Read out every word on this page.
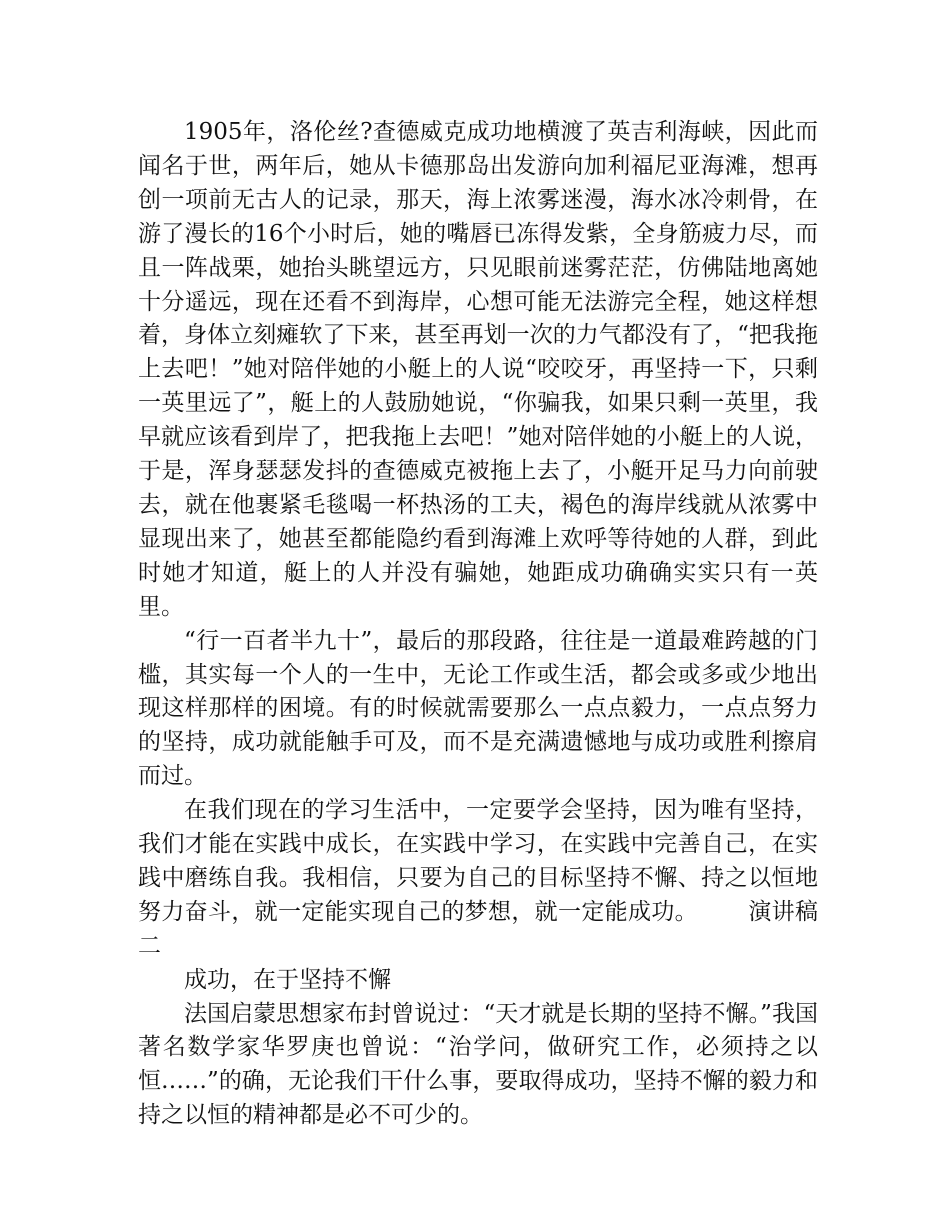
1905年，洛伦丝?查德威克成功地横渡了英吉利海峡，因此而闻名于世，两年后，她从卡德那岛出发游向加利福尼亚海滩，想再创一项前无古人的记录，那天，海上浓雾迷漫，海水冰冷刺骨，在游了漫长的16个小时后，她的嘴唇已冻得发紫，全身筋疲力尽，而且一阵战栗，她抬头眺望远方，只见眼前迷雾茫茫，仿佛陆地离她十分遥远，现在还看不到海岸，心想可能无法游完全程，她这样想着，身体立刻瘫软了下来，甚至再划一次的力气都没有了，“把我拖上去吧！”她对陪伴她的小艇上的人说“咬咬牙，再坚持一下，只剩一英里远了”，艇上的人鼓励她说，“你骗我，如果只剩一英里，我早就应该看到岸了，把我拖上去吧！”她对陪伴她的小艇上的人说，于是，浑身瑟瑟发抖的查德威克被拖上去了，小艇开足马力向前驶去，就在他裹紧毛毯喝一杯热汤的工夫，褐色的海岸线就从浓雾中显现出来了，她甚至都能隐约看到海滩上欢呼等待她的人群，到此时她才知道，艇上的人并没有骗她，她距成功确确实实只有一英里。

“行一百者半九十”，最后的那段路，往往是一道最难跨越的门槛，其实每一个人的一生中，无论工作或生活，都会或多或少地出现这样那样的困境。有的时候就需要那么一点点毅力，一点点努力的坚持，成功就能触手可及，而不是充满遗憾地与成功或胜利擦肩而过。

在我们现在的学习生活中，一定要学会坚持，因为唯有坚持，我们才能在实践中成长，在实践中学习，在实践中完善自己，在实践中磨练自我。我相信，只要为自己的目标坚持不懈、持之以恒地努力奋斗，就一定能实现自己的梦想，就一定能成功。 演讲稿二

成功，在于坚持不懈

法国启蒙思想家布封曾说过：“天才就是长期的坚持不懈。”我国著名数学家华罗庚也曾说：“治学问，做研究工作，必须持之以恒……”的确，无论我们干什么事，要取得成功，坚持不懈的毅力和持之以恒的精神都是必不可少的。
